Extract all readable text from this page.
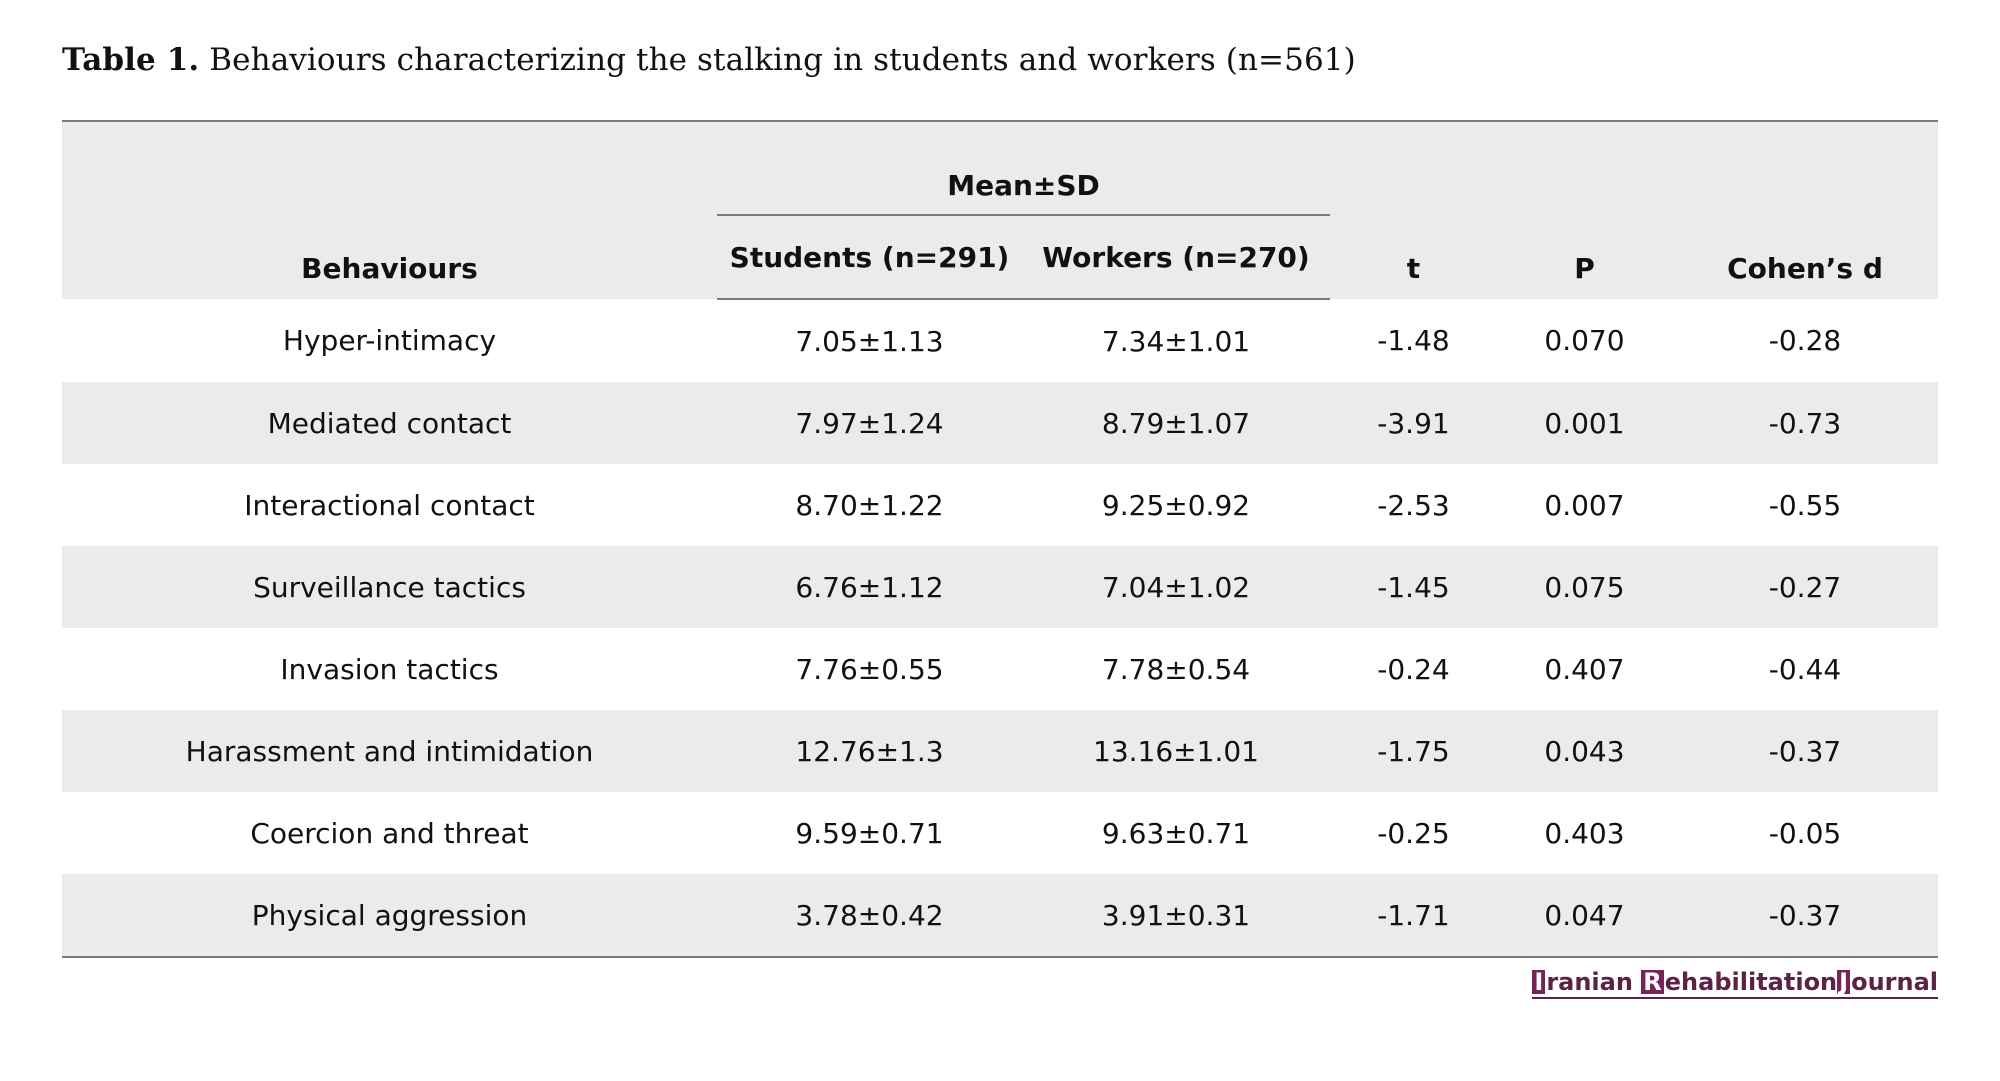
Table 1. Behaviours characterizing the stalking in students and workers (n=561)
Behaviours	Mean±SD		t	P	Cohen’s d
	Students (n=291)	Workers (n=270)			
Hyper-intimacy	7.05±1.13	7.34±1.01	-1.48	0.070	-0.28
Mediated contact	7.97±1.24	8.79±1.07	-3.91	0.001	-0.73
Interactional contact	8.70±1.22	9.25±0.92	-2.53	0.007	-0.55
Surveillance tactics	6.76±1.12	7.04±1.02	-1.45	0.075	-0.27
Invasion tactics	7.76±0.55	7.78±0.54	-0.24	0.407	-0.44
Harassment and intimidation	12.76±1.3	13.16±1.01	-1.75	0.043	-0.37
Coercion and threat	9.59±0.71	9.63±0.71	-0.25	0.403	-0.05
Physical aggression	3.78±0.42	3.91±0.31	-1.71	0.047	-0.37
I ranian R ehabilitationJ ournal
